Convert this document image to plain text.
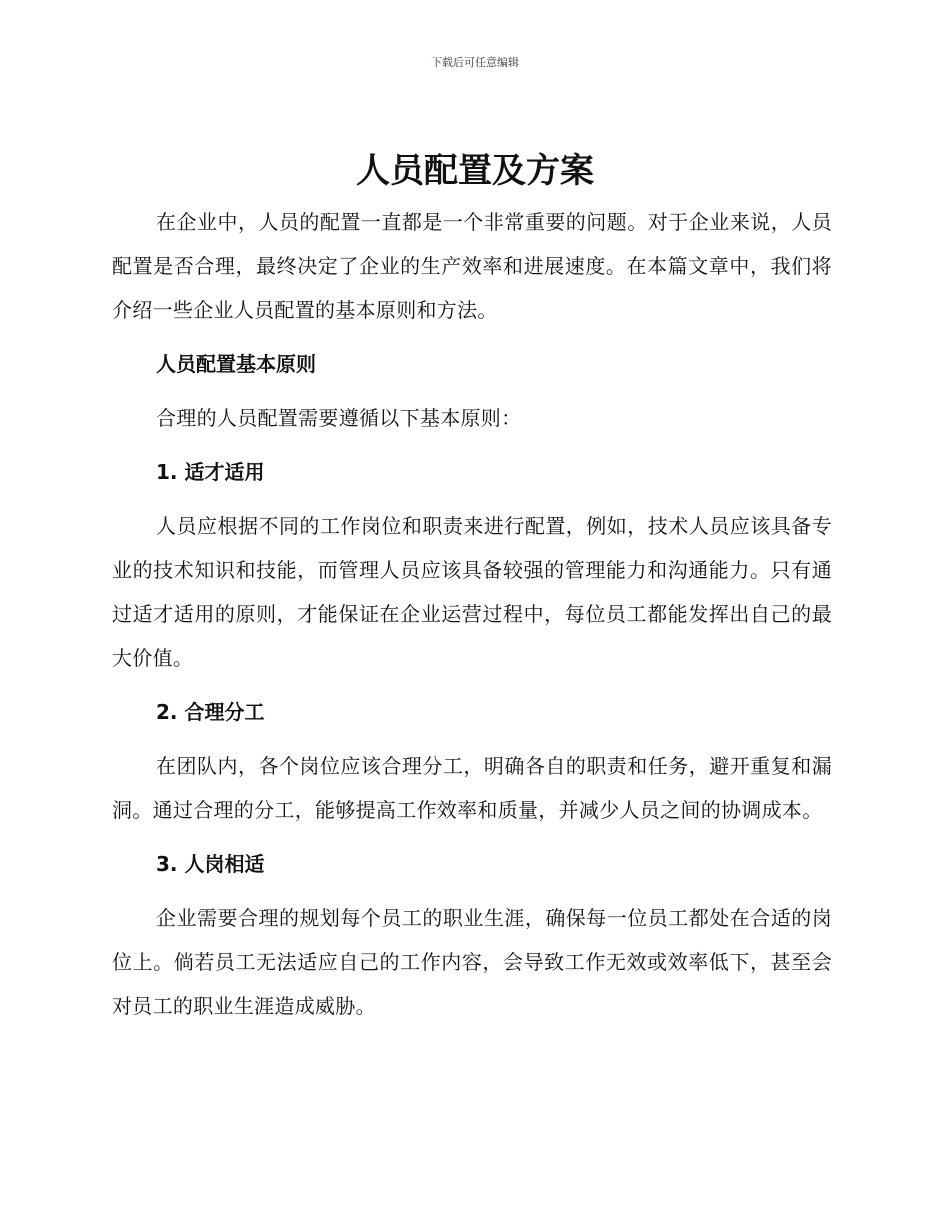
下载后可任意编辑
人员配置及方案

在企业中，人员的配置一直都是一个非常重要的问题。对于企业来说，人员配置是否合理，最终决定了企业的生产效率和进展速度。在本篇文章中，我们将介绍一些企业人员配置的基本原则和方法。

人员配置基本原则

合理的人员配置需要遵循以下基本原则：

1. 适才适用

人员应根据不同的工作岗位和职责来进行配置，例如，技术人员应该具备专业的技术知识和技能，而管理人员应该具备较强的管理能力和沟通能力。只有通过适才适用的原则，才能保证在企业运营过程中，每位员工都能发挥出自己的最大价值。

2. 合理分工

在团队内，各个岗位应该合理分工，明确各自的职责和任务，避开重复和漏洞。通过合理的分工，能够提高工作效率和质量，并减少人员之间的协调成本。

3. 人岗相适

企业需要合理的规划每个员工的职业生涯，确保每一位员工都处在合适的岗位上。倘若员工无法适应自己的工作内容，会导致工作无效或效率低下，甚至会对员工的职业生涯造成威胁。
